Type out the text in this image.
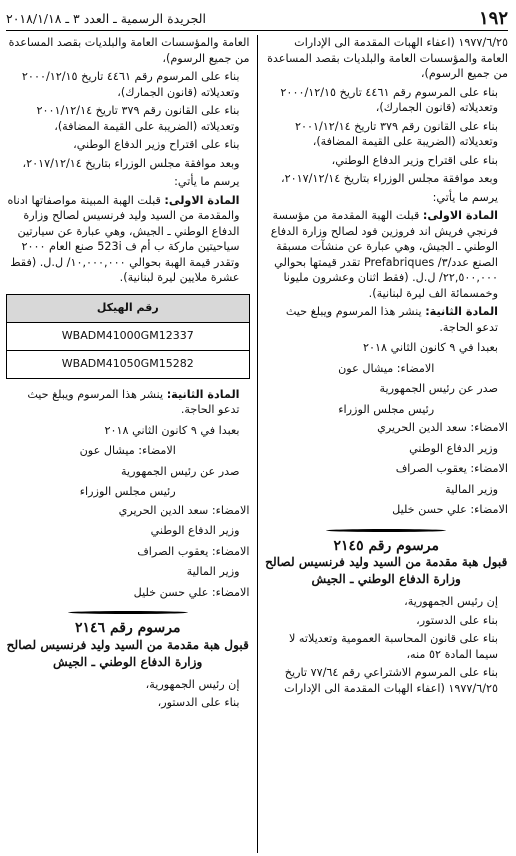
١٩٢
الجريدة الرسمية ـ العدد ٣ ـ ٢٠١٨/١/١٨

١٩٧٧/٦/٢٥ (اعفاء الهبات المقدمة الى الإدارات العامة والمؤسسات العامة والبلديات بقصد المساعدة من جميع الرسوم)،

بناء على المرسوم رقم ٤٤٦١ تاريخ ٢٠٠٠/١٢/١٥ وتعديلاته (قانون الجمارك)،

بناء على القانون رقم ٣٧٩ تاريخ ٢٠٠١/١٢/١٤ وتعديلاته (الضريبة على القيمة المضافة)،

بناء على اقتراح وزير الدفاع الوطني،

وبعد موافقة مجلس الوزراء بتاريخ ٢٠١٧/١٢/١٤،

يرسم ما يأتي:

المادة الاولى: قبلت الهبة المقدمة من مؤسسة فرنجي فريش اند فروزين فود لصالح وزارة الدفاع الوطني ـ الجيش، وهي عبارة عن منشآت مسبقة الصنع عدد/٣/ Prefabriques تقدر قيمتها بحوالي ٢٢,٥٠٠,٠٠٠/ ل.ل. (فقط اثنان وعشرون مليونا وخمسمائة الف ليرة لبنانية).

المادة الثانية: ينشر هذا المرسوم ويبلغ حيث تدعو الحاجة.

بعبدا في ٩ كانون الثاني ٢٠١٨

الامضاء: ميشال عون

صدر عن رئيس الجمهورية

رئيس مجلس الوزراء

الامضاء: سعد الدين الحريري

وزير الدفاع الوطني

الامضاء: يعقوب الصراف

وزير المالية

الامضاء: علي حسن خليل

مرسوم رقم ٢١٤٥
قبول هبة مقدمة من السيد وليد فرنسيس لصالح وزارة الدفاع الوطني ـ الجيش

إن رئيس الجمهورية،

بناء على الدستور،

بناء على قانون المحاسبة العمومية وتعديلاته لا سيما المادة ٥٢ منه،

بناء على المرسوم الاشتراعي رقم ٧٧/٦٤ تاريخ ١٩٧٧/٦/٢٥ (اعفاء الهبات المقدمة الى الإدارات

العامة والمؤسسات العامة والبلديات بقصد المساعدة من جميع الرسوم)،

بناء على المرسوم رقم ٤٤٦١ تاريخ ٢٠٠٠/١٢/١٥ وتعديلاته (قانون الجمارك)،

بناء على القانون رقم ٣٧٩ تاريخ ٢٠٠١/١٢/١٤ وتعديلاته (الضريبة على القيمة المضافة)،

بناء على اقتراح وزير الدفاع الوطني،

وبعد موافقة مجلس الوزراء بتاريخ ٢٠١٧/١٢/١٤،

يرسم ما يأتي:

المادة الاولى: قبلت الهبة المبينة مواصفاتها ادناه والمقدمة من السيد وليد فرنسيس لصالح وزارة الدفاع الوطني ـ الجيش، وهي عبارة عن سيارتين سياحيتين ماركة ب أم ف 523i صنع العام ٢٠٠٠ وتقدر قيمة الهبة بحوالي ١٠,٠٠٠,٠٠٠/ ل.ل. (فقط عشرة ملايين ليرة لبنانية).

رقم الهيكل
WBADM41000GM12337
WBADM41050GM15282

المادة الثانية: ينشر هذا المرسوم ويبلغ حيث تدعو الحاجة.

بعبدا في ٩ كانون الثاني ٢٠١٨

الامضاء: ميشال عون

صدر عن رئيس الجمهورية

رئيس مجلس الوزراء

الامضاء: سعد الدين الحريري

وزير الدفاع الوطني

الامضاء: يعقوب الصراف

وزير المالية

الامضاء: علي حسن خليل

مرسوم رقم ٢١٤٦
قبول هبة مقدمة من السيد وليد فرنسيس لصالح وزارة الدفاع الوطني ـ الجيش

إن رئيس الجمهورية،

بناء على الدستور،
